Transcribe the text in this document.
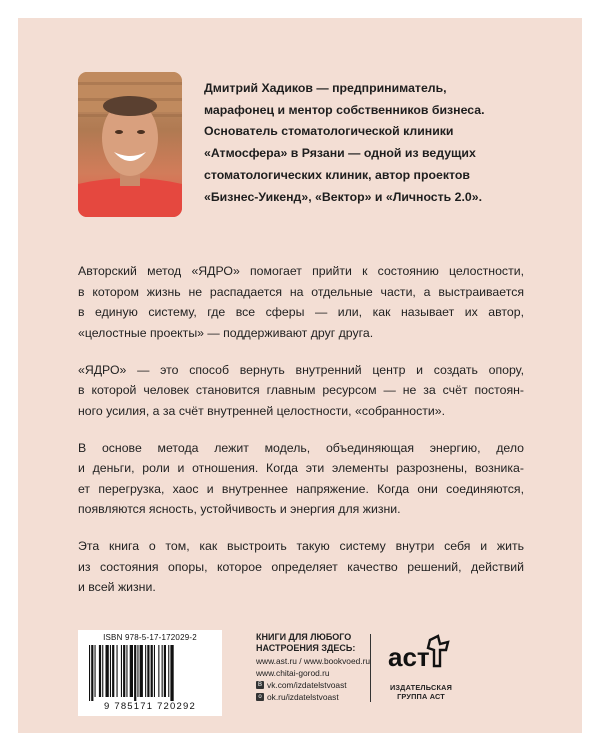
Дмитрий Хадиков — предприниматель,
марафонец и ментор собственников бизнеса.
Основатель стоматологической клиники
«Атмосфера» в Рязани — одной из ведущих
стоматологических клиник, автор проектов
«Бизнес-Уикенд», «Вектор» и «Личность 2.0».
Авторский метод «ЯДРО» помогает прийти к состоянию целостности,
в котором жизнь не распадается на отдельные части, а выстраивается
в единую систему, где все сферы — или, как называет их автор,
«целостные проекты» — поддерживают друг друга.
«ЯДРО» — это способ вернуть внутренний центр и создать опору,
в которой человек становится главным ресурсом — не за счёт постоян-
ного усилия, а за счёт внутренней целостности, «собранности».
В основе метода лежит модель, объединяющая энергию, дело
и деньги, роли и отношения. Когда эти элементы разрознены, возника-
ет перегрузка, хаос и внутреннее напряжение. Когда они соединяются,
появляются ясность, устойчивость и энергия для жизни.
Эта книга о том, как выстроить такую систему внутри себя и жить
из состояния опоры, которое определяет качество решений, действий
и всей жизни.
ISBN 978-5-17-172029-2
9 785171 720292
КНИГИ ДЛЯ ЛЮБОГО
НАСТРОЕНИЯ ЗДЕСЬ:
www.ast.ru / www.bookvoed.ru
www.chitai-gorod.ru
B vk.com/izdatelstvoast
o ok.ru/izdatelstvoast
аст
ИЗДАТЕЛЬСКАЯ
ГРУППА АСТ
